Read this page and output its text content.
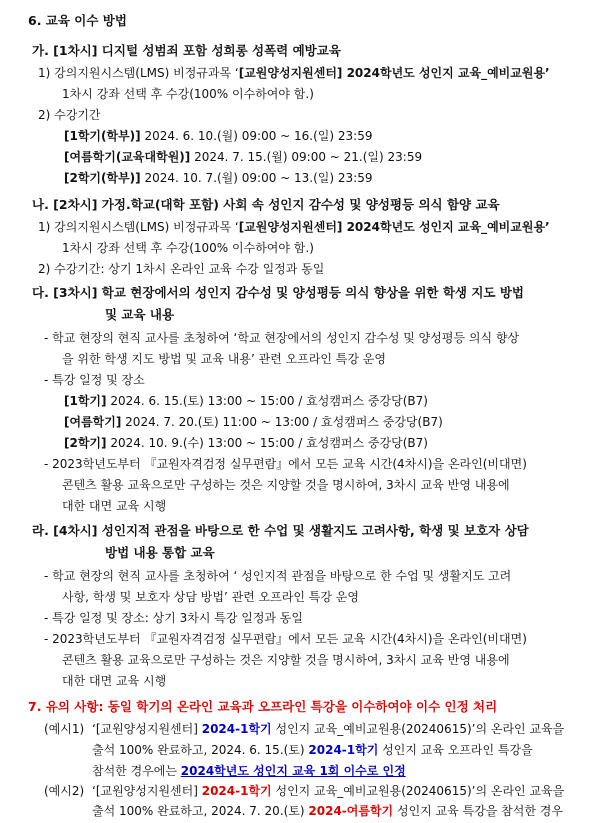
6. 교육 이수 방법
가. [1차시] 디지털 성범죄 포함 성희롱 성폭력 예방교육
1) 강의지원시스템(LMS) 비정규과목 ‘[교원양성지원센터] 2024학년도 성인지 교육_예비교원용’
1차시 강좌 선택 후 수강(100% 이수하여야 함.)
2) 수강기간
[1학기(학부)] 2024. 6. 10.(월) 09:00 ~ 16.(일) 23:59
[여름학기(교육대학원)] 2024. 7. 15.(월) 09:00 ~ 21.(일) 23:59
[2학기(학부)] 2024. 10. 7.(월) 09:00 ~ 13.(일) 23:59
나. [2차시] 가정.학교(대학 포함) 사회 속 성인지 감수성 및 양성평등 의식 함양 교육
1) 강의지원시스템(LMS) 비정규과목 ‘[교원양성지원센터] 2024학년도 성인지 교육_예비교원용’
1차시 강좌 선택 후 수강(100% 이수하여야 함.)
2) 수강기간: 상기 1차시 온라인 교육 수강 일정과 동일
다. [3차시] 학교 현장에서의 성인지 감수성 및 양성평등 의식 향상을 위한 학생 지도 방법
및 교육 내용
- 학교 현장의 현직 교사를 초청하여 ‘학교 현장에서의 성인지 감수성 및 양성평등 의식 향상
을 위한 학생 지도 방법 및 교육 내용’ 관련 오프라인 특강 운영
- 특강 일정 및 장소
[1학기] 2024. 6. 15.(토) 13:00 ~ 15:00 / 효성캠퍼스 중강당(B7)
[여름학기] 2024. 7. 20.(토) 11:00 ~ 13:00 / 효성캠퍼스 중강당(B7)
[2학기] 2024. 10. 9.(수) 13:00 ~ 15:00 / 효성캠퍼스 중강당(B7)
- 2023학년도부터 『교원자격검정 실무편람』에서 모든 교육 시간(4차시)을 온라인(비대면)
콘텐츠 활용 교육으로만 구성하는 것은 지양할 것을 명시하여, 3차시 교육 반영 내용에
대한 대면 교육 시행
라. [4차시] 성인지적 관점을 바탕으로 한 수업 및 생활지도 고려사항, 학생 및 보호자 상담
방법 내용 통합 교육
- 학교 현장의 현직 교사를 초청하여 ‘ 성인지적 관점을 바탕으로 한 수업 및 생활지도 고려
사항, 학생 및 보호자 상담 방법’ 관련 오프라인 특강 운영
- 특강 일정 및 장소: 상기 3차시 특강 일정과 동일
- 2023학년도부터 『교원자격검정 실무편람』에서 모든 교육 시간(4차시)을 온라인(비대면)
콘텐츠 활용 교육으로만 구성하는 것은 지양할 것을 명시하여, 3차시 교육 반영 내용에
대한 대면 교육 시행
7. 유의 사항: 동일 학기의 온라인 교육과 오프라인 특강을 이수하여야 이수 인정 처리
(예시1) ‘[교원양성지원센터] 2024-1학기 성인지 교육_예비교원용(20240615)’의 온라인 교육을
출석 100% 완료하고, 2024. 6. 15.(토) 2024-1학기 성인지 교육 오프라인 특강을
참석한 경우에는 2024학년도 성인지 교육 1회 이수로 인정
(예시2) ‘[교원양성지원센터] 2024-1학기 성인지 교육_예비교원용(20240615)’의 온라인 교육을
출석 100% 완료하고, 2024. 7. 20.(토) 2024-여름학기 성인지 교육 특강을 참석한 경우
